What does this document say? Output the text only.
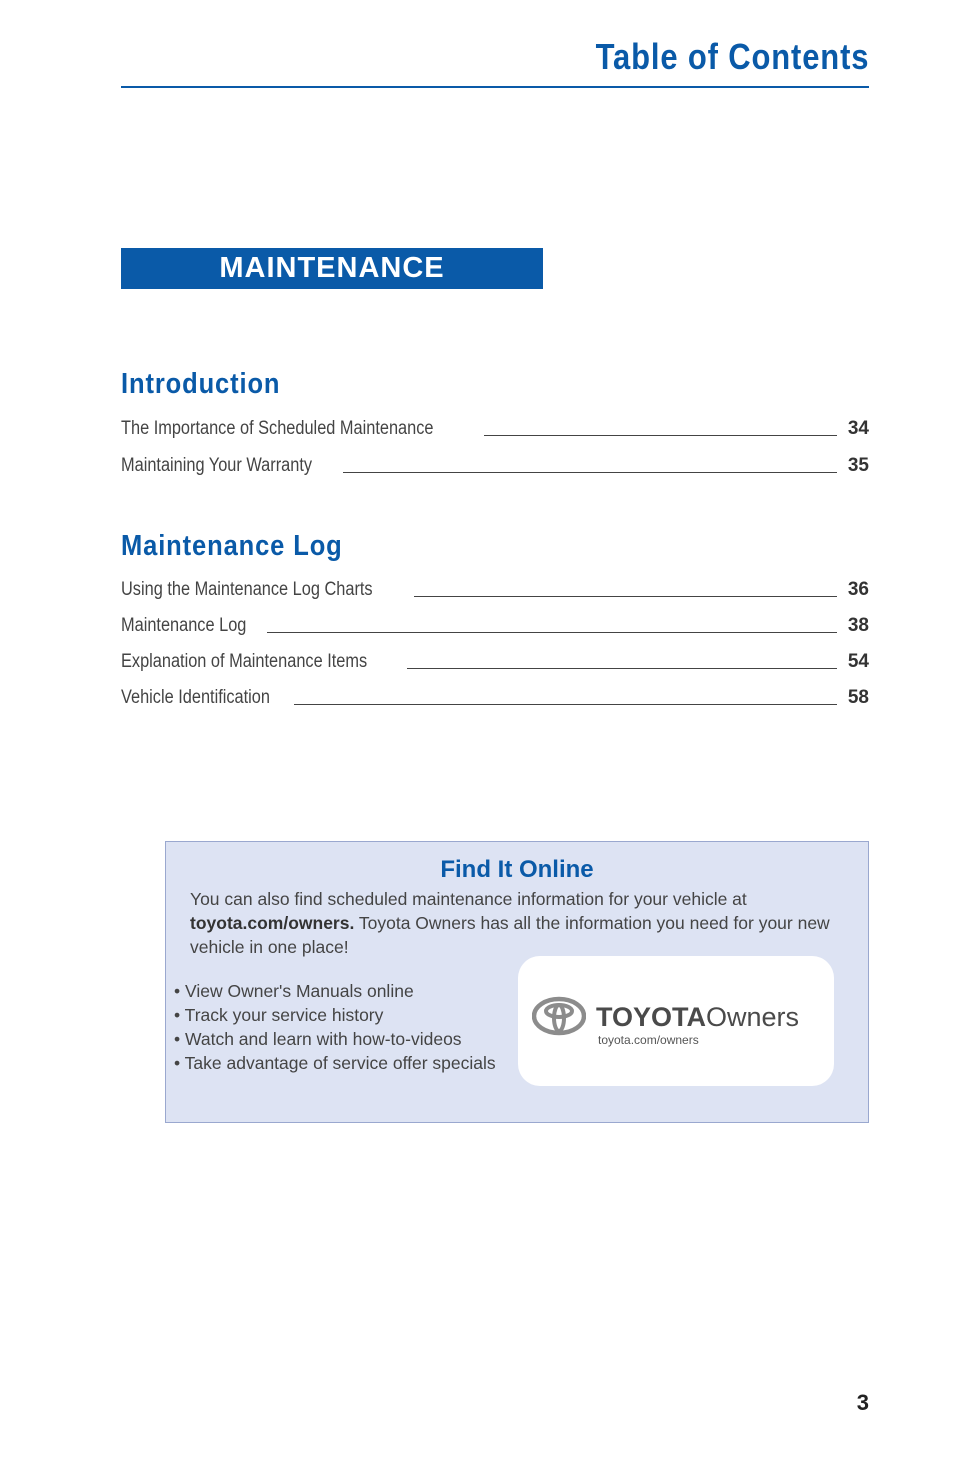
Table of Contents
MAINTENANCE INFORMATION
Introduction
The Importance of Scheduled Maintenance	34
Maintaining Your Warranty	35
Maintenance Log
Using the Maintenance Log Charts	36
Maintenance Log	38
Explanation of Maintenance Items	54
Vehicle Identification	58
Find It Online
You can also find scheduled maintenance information for your vehicle at
toyota.com/owners. Toyota Owners has all the information you need for your new vehicle in one place!
• View Owner's Manuals online
• Track your service history
• Watch and learn with how-to-videos
• Take advantage of service offer specials
TOYOTAOwners
toyota.com/owners
3
